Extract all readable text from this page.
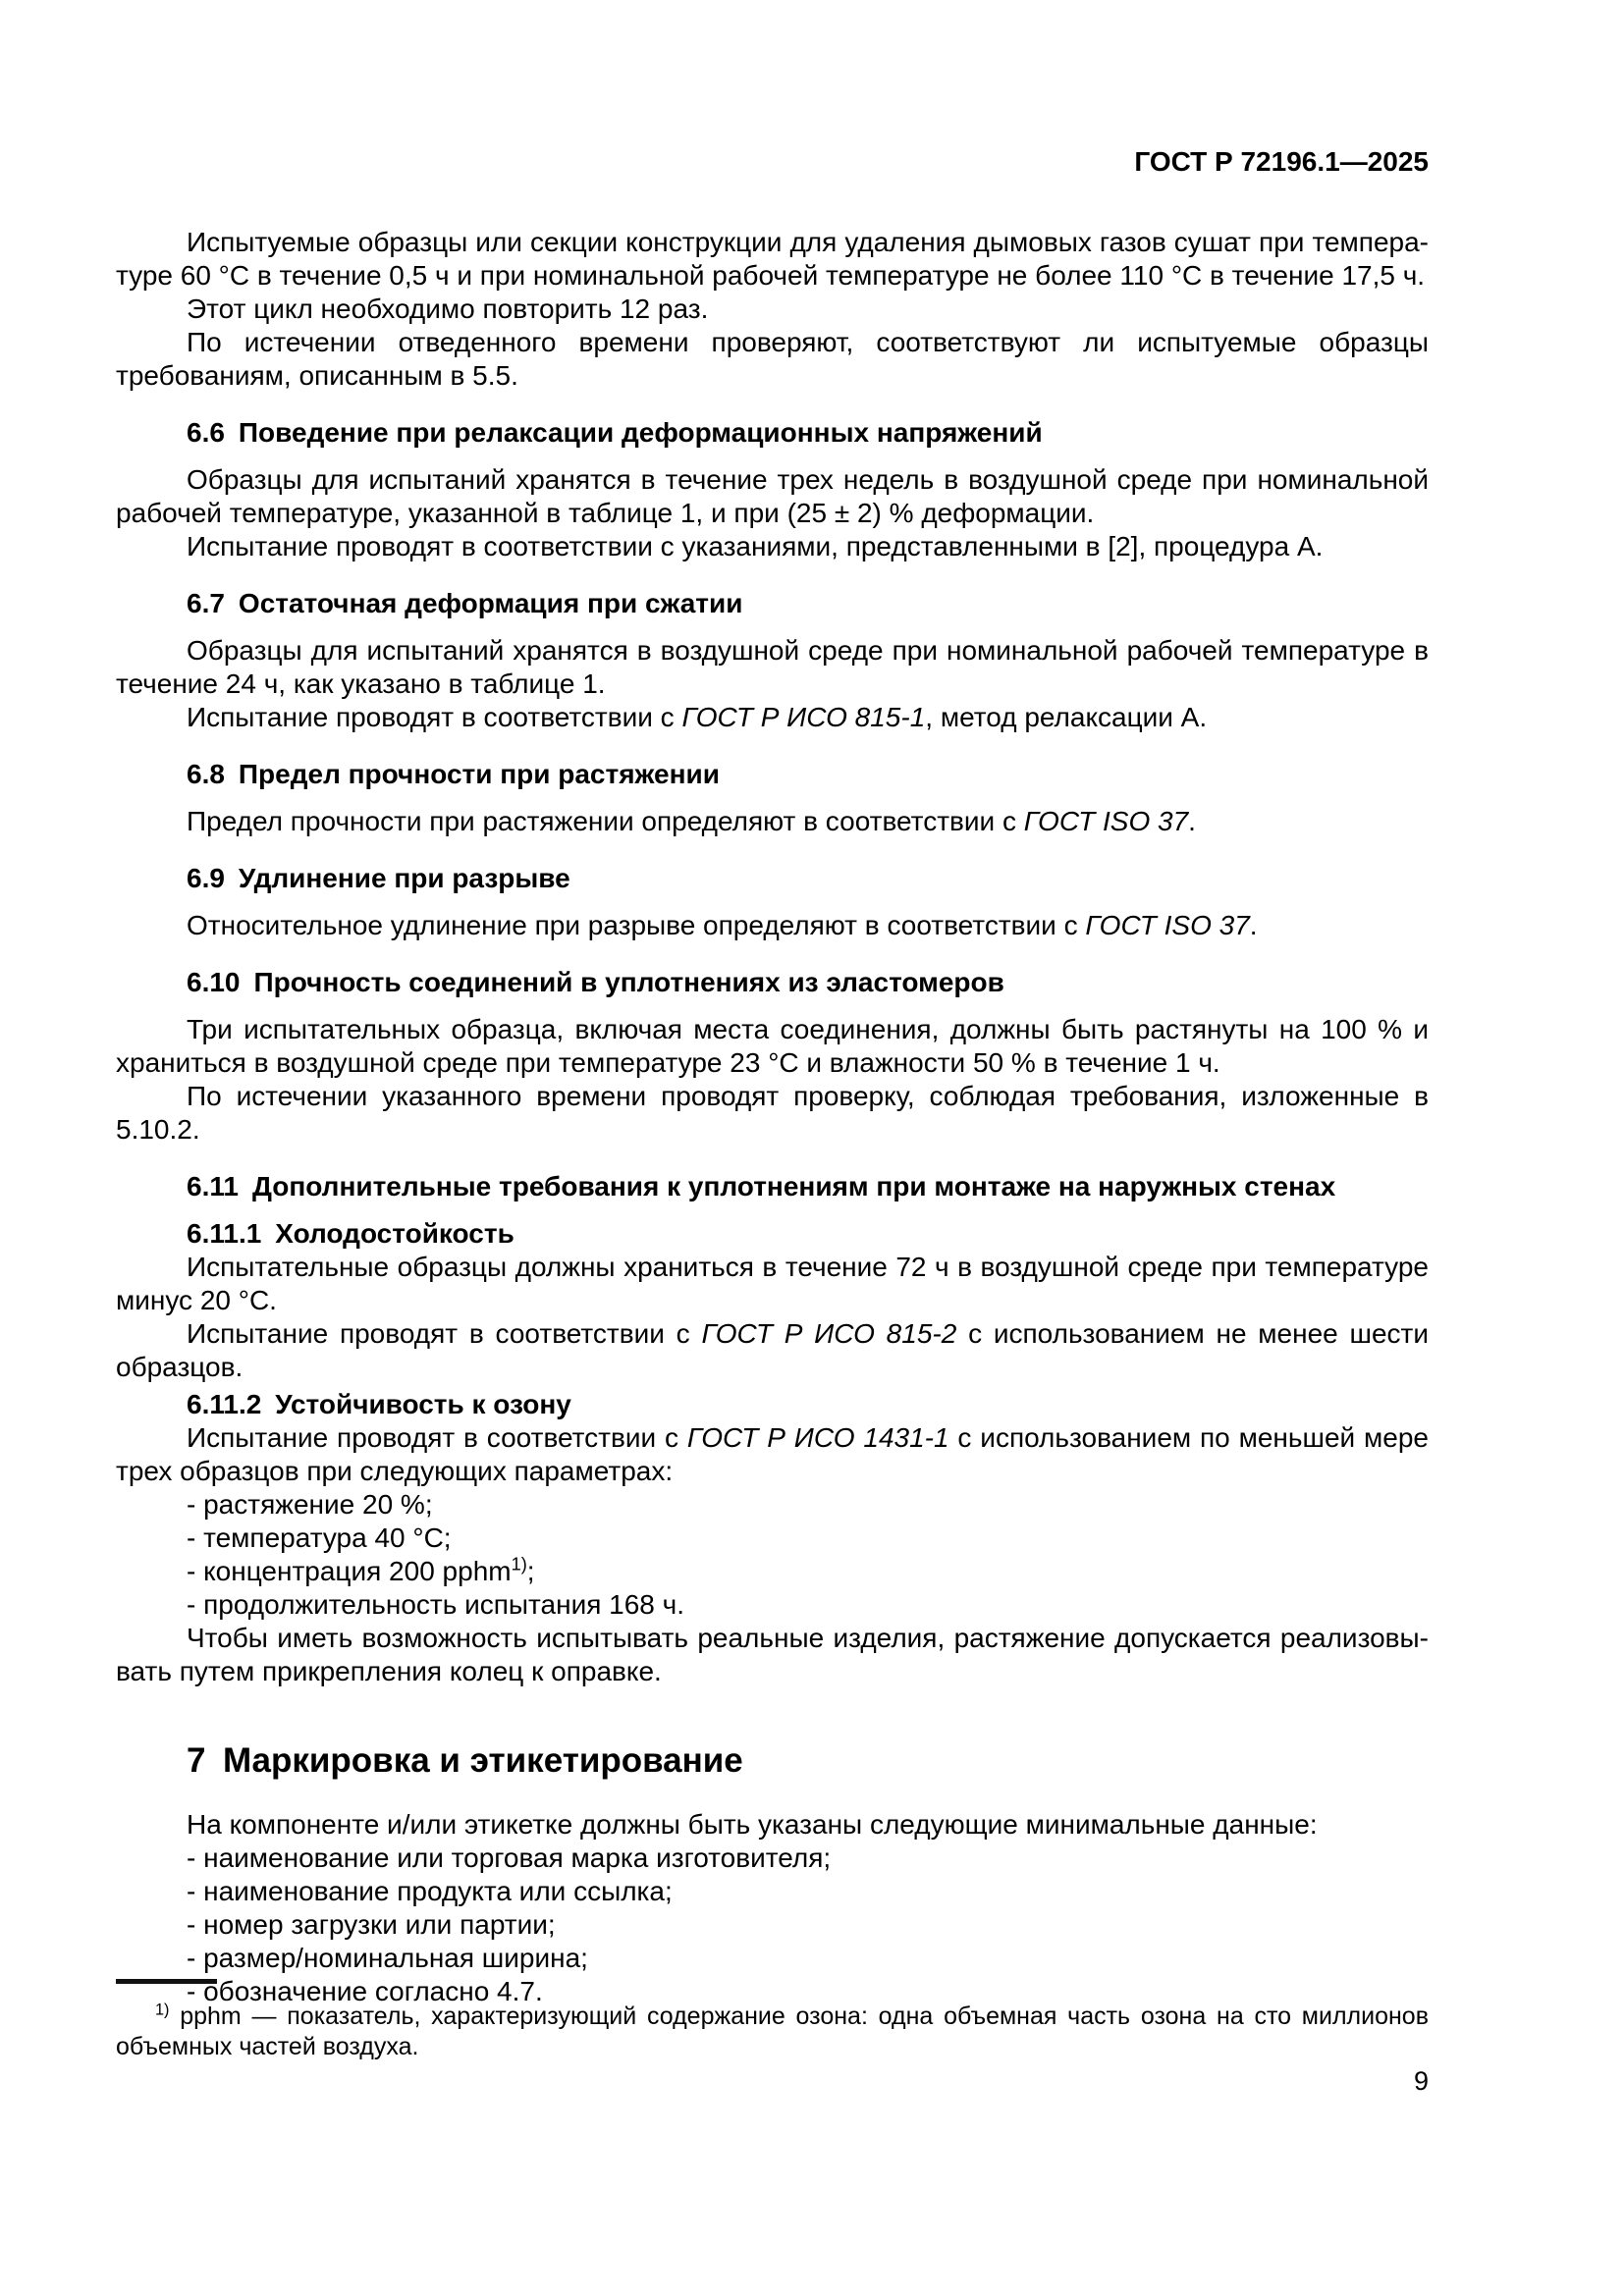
ГОСТ Р 72196.1—2025

Испытуемые образцы или секции конструкции для удаления дымовых газов сушат при температуре 60 °С в течение 0,5 ч и при номинальной рабочей температуре не более 110 °С в течение 17,5 ч.

Этот цикл необходимо повторить 12 раз.

По истечении отведенного времени проверяют, соответствуют ли испытуемые образцы требованиям, описанным в 5.5.

6.6 Поведение при релаксации деформационных напряжений

Образцы для испытаний хранятся в течение трех недель в воздушной среде при номинальной рабочей температуре, указанной в таблице 1, и при (25 ± 2) % деформации.

Испытание проводят в соответствии с указаниями, представленными в [2], процедура А.

6.7 Остаточная деформация при сжатии

Образцы для испытаний хранятся в воздушной среде при номинальной рабочей температуре в течение 24 ч, как указано в таблице 1.

Испытание проводят в соответствии с ГОСТ Р ИСО 815-1, метод релаксации А.

6.8 Предел прочности при растяжении

Предел прочности при растяжении определяют в соответствии с ГОСТ ISO 37.

6.9 Удлинение при разрыве

Относительное удлинение при разрыве определяют в соответствии с ГОСТ ISO 37.

6.10 Прочность соединений в уплотнениях из эластомеров

Три испытательных образца, включая места соединения, должны быть растянуты на 100 % и храниться в воздушной среде при температуре 23 °С и влажности 50 % в течение 1 ч.

По истечении указанного времени проводят проверку, соблюдая требования, изложенные в 5.10.2.

6.11 Дополнительные требования к уплотнениям при монтаже на наружных стенах
6.11.1 Холодостойкость

Испытательные образцы должны храниться в течение 72 ч в воздушной среде при температуре минус 20 °С.

Испытание проводят в соответствии с ГОСТ Р ИСО 815-2 с использованием не менее шести образцов.

6.11.2 Устойчивость к озону

Испытание проводят в соответствии с ГОСТ Р ИСО 1431-1 с использованием по меньшей мере трех образцов при следующих параметрах:

- растяжение 20 %;

- температура 40 °С;

- концентрация 200 pphm$^{1)}$;

- продолжительность испытания 168 ч.

Чтобы иметь возможность испытывать реальные изделия, растяжение допускается реализовывать путем прикрепления колец к оправке.

7 Маркировка и этикетирование

На компоненте и/или этикетке должны быть указаны следующие минимальные данные:

- наименование или торговая марка изготовителя;

- наименование продукта или ссылка;

- номер загрузки или партии;

- размер/номинальная ширина;

- обозначение согласно 4.7.

$^{1)}$ pphm — показатель, характеризующий содержание озона: одна объемная часть озона на сто миллионов объемных частей воздуха.

9
